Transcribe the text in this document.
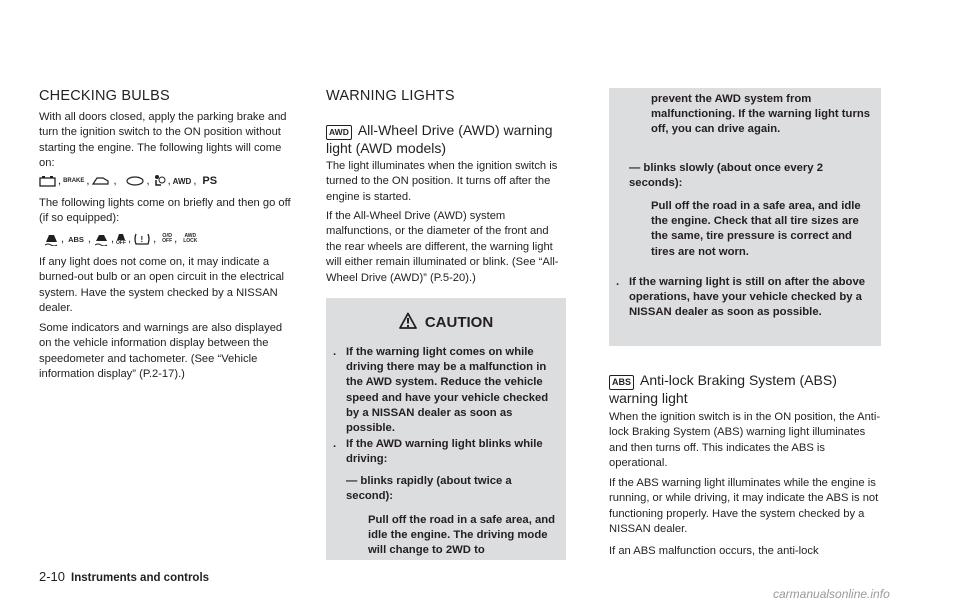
CHECKING BULBS

With all doors closed, apply the parking brake and turn the ignition switch to the ON position without starting the engine. The following lights will come on:

, BRAKE , ,	, , AWD , PS

The following lights come on briefly and then go off (if so equipped):

, ABS , , OFF , ! , O/D
OFF , AWD
LOCK

If any light does not come on, it may indicate a burned-out bulb or an open circuit in the electrical system. Have the system checked by a NISSAN dealer.

Some indicators and warnings are also displayed on the vehicle information display between the speedometer and tachometer. (See “Vehicle information display” (P.2-17).)

WARNING LIGHTS
AWD All-Wheel Drive (AWD) warning light (AWD models)

The light illuminates when the ignition switch is turned to the ON position. It turns off after the engine is started.

If the All-Wheel Drive (AWD) system malfunctions, or the diameter of the front and the rear wheels are different, the warning light will either remain illuminated or blink. (See “All-Wheel Drive (AWD)” (P.5-20).)

CAUTION
. If the warning light comes on while driving there may be a malfunction in the AWD system. Reduce the vehicle speed and have your vehicle checked by a NISSAN dealer as soon as possible.
. If the AWD warning light blinks while driving:
— blinks rapidly (about twice a second):
Pull off the road in a safe area, and idle the engine. The driving mode will change to 2WD to
prevent the AWD system from malfunctioning. If the warning light turns off, you can drive again.
— blinks slowly (about once every 2 seconds):
Pull off the road in a safe area, and idle the engine. Check that all tire sizes are the same, tire pressure is correct and tires are not worn.
. If the warning light is still on after the above operations, have your vehicle checked by a NISSAN dealer as soon as possible.
ABS Anti-lock Braking System (ABS) warning light

When the ignition switch is in the ON position, the Anti-lock Braking System (ABS) warning light illuminates and then turns off. This indicates the ABS is operational.

If the ABS warning light illuminates while the engine is running, or while driving, it may indicate the ABS is not functioning properly. Have the system checked by a NISSAN dealer.

If an ABS malfunction occurs, the anti-lock

2-10 Instruments and controls
carmanualsonline.info
